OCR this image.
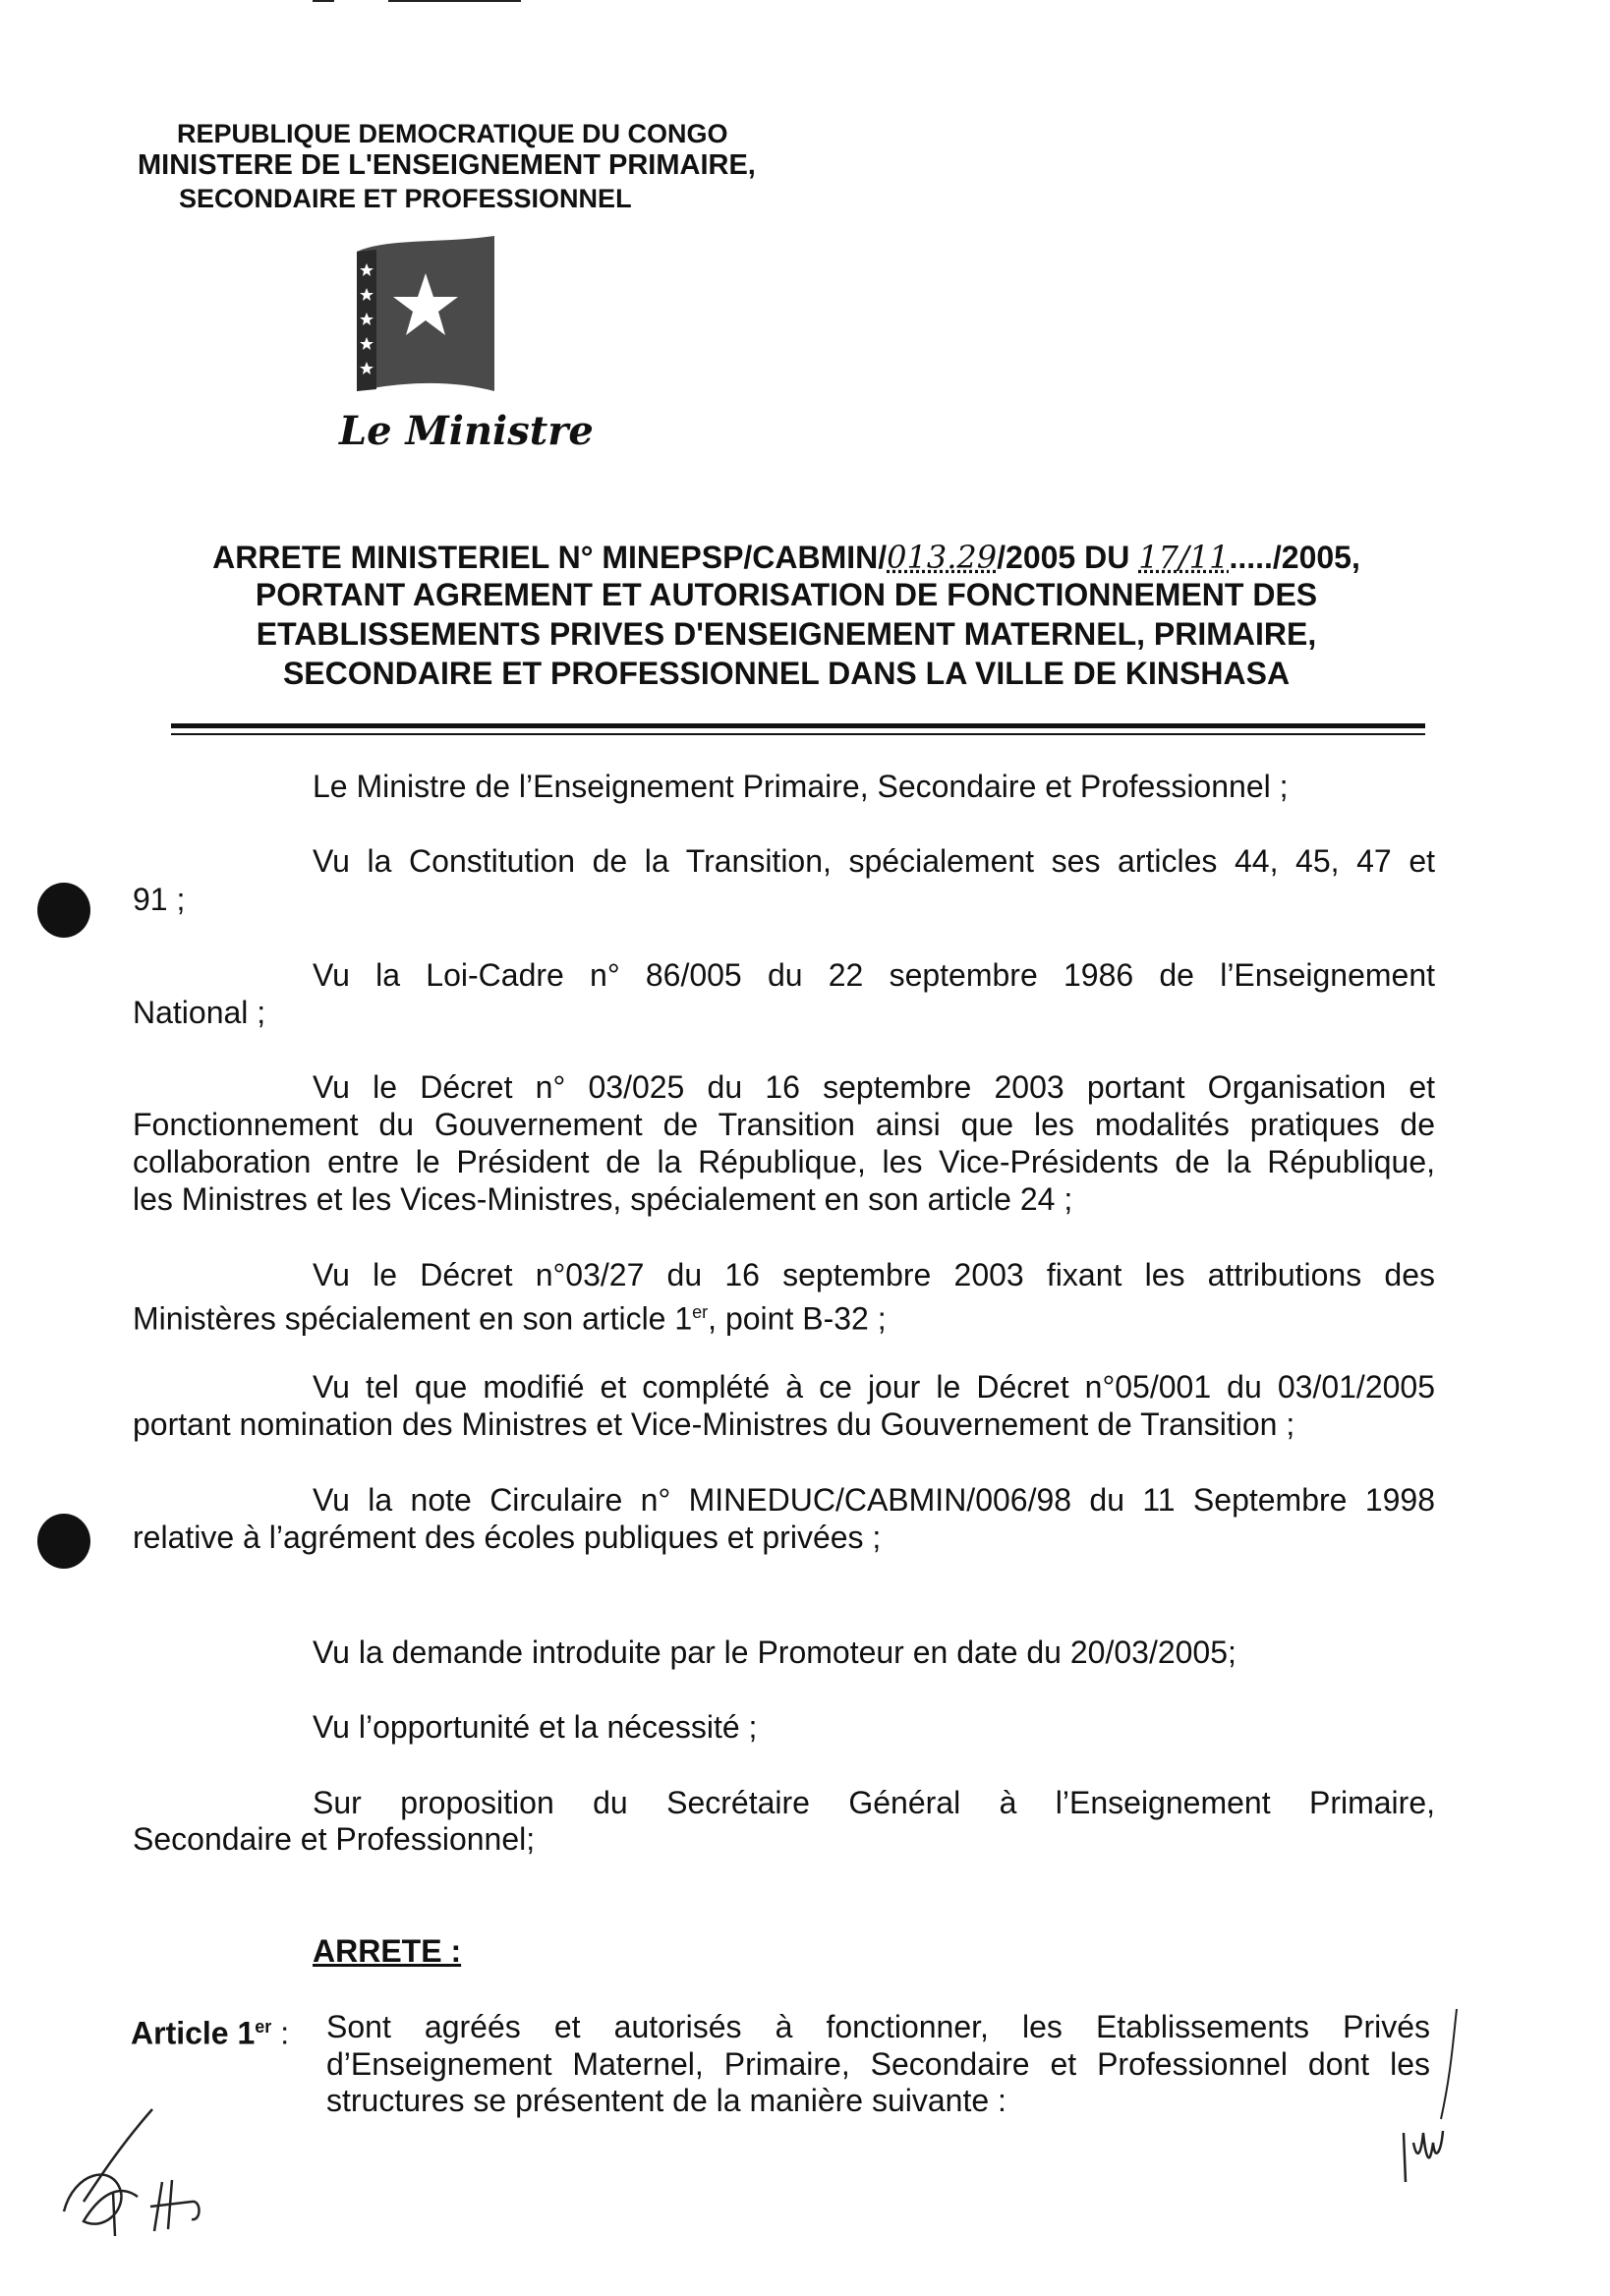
REPUBLIQUE DEMOCRATIQUE DU CONGO
MINISTERE DE L'ENSEIGNEMENT PRIMAIRE,
SECONDAIRE ET PROFESSIONNEL
Le Ministre
ARRETE MINISTERIEL N° MINEPSP/CABMIN/013.29/2005 DU 17/11...../2005,
PORTANT AGREMENT ET AUTORISATION DE FONCTIONNEMENT DES
ETABLISSEMENTS PRIVES D'ENSEIGNEMENT MATERNEL, PRIMAIRE,
SECONDAIRE ET PROFESSIONNEL DANS LA VILLE DE KINSHASA
Le Ministre de l’Enseignement Primaire, Secondaire et Professionnel ;
Vu la Constitution de la Transition, spécialement ses articles 44, 45, 47 et
91 ;
Vu la Loi-Cadre n° 86/005 du 22 septembre 1986 de l’Enseignement
National ;
Vu le Décret n° 03/025 du 16 septembre 2003 portant Organisation et
Fonctionnement du Gouvernement de Transition ainsi que les modalités pratiques de
collaboration entre le Président de la République, les Vice-Présidents de la République,
les Ministres et les Vices-Ministres, spécialement en son article 24 ;
Vu le Décret n°03/27 du 16 septembre 2003 fixant les attributions des
Ministères spécialement en son article 1er, point B-32 ;
Vu tel que modifié et complété à ce jour le Décret n°05/001 du 03/01/2005
portant nomination des Ministres et Vice-Ministres du Gouvernement de Transition ;
Vu la note Circulaire n° MINEDUC/CABMIN/006/98 du 11 Septembre 1998
relative à l’agrément des écoles publiques et privées ;
Vu la demande introduite par le Promoteur en date du 20/03/2005;
Vu l’opportunité et la nécessité ;
Sur proposition du Secrétaire Général à l’Enseignement Primaire,
Secondaire et Professionnel;
ARRETE :
Article 1er : Sont agréés et autorisés à fonctionner, les Etablissements Privés
d’Enseignement Maternel, Primaire, Secondaire et Professionnel dont les
structures se présentent de la manière suivante :
